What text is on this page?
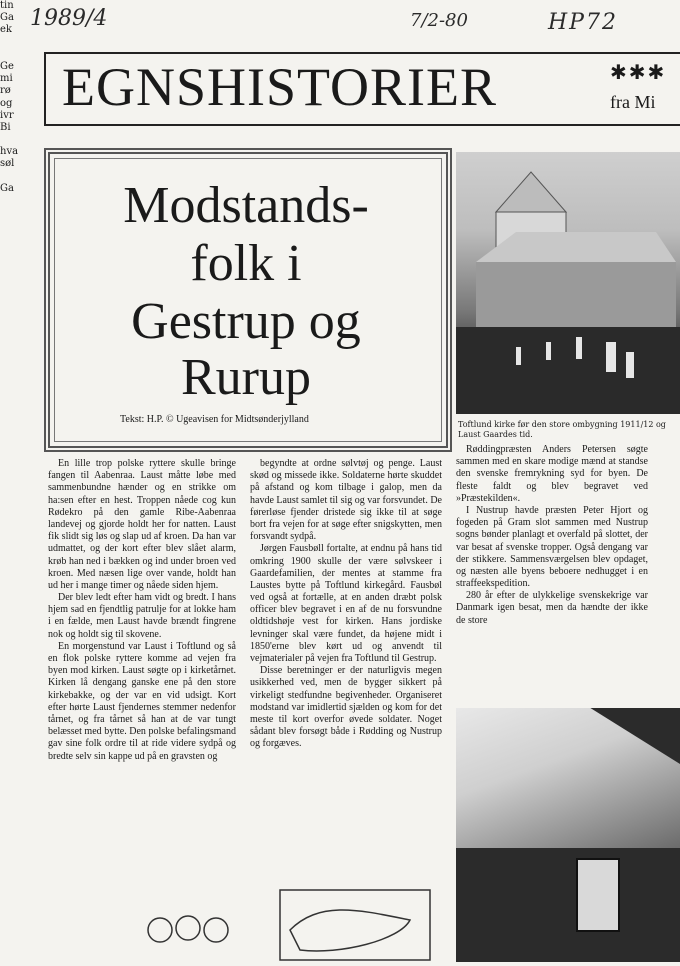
1989/4	7/2-80	HP72
EGNSHISTORIER	✱✱✱
fra Mi
Modstands-
folk i
Gestrup og
Rurup
Tekst: H.P. © Ugeavisen for Midtsønderjylland	Toftlund kirke før den store ombygning 1911/12 og Laust Gaardes tid.

En lille trop polske ryttere skulle bringe fangen til Aabenraa. Laust måtte løbe med sammenbundne hænder og en strikke om ha:sen efter en hest. Troppen nåede cog kun Rødekro på den gamle Ribe-Aabenraa landevej og gjorde holdt her for natten. Laust fik slidt sig løs og slap ud af kroen. Da han var udmattet, og der kort efter blev slået alarm, krøb han ned i bækken og ind under broen ved kroen. Med næsen lige over vande, holdt han ud her i mange timer og nåede siden hjem.

Der blev ledt efter ham vidt og bredt. I hans hjem sad en fjendtlig patrulje for at lokke ham i en fælde, men Laust havde brændt fingrene nok og holdt sig til skovene.

En morgenstund var Laust i Toftlund og så en flok polske ryttere komme ad vejen fra byen mod kirken. Laust søgte op i kirketårnet. Kirken lå dengang ganske ene på den store kirkebakke, og der var en vid udsigt. Kort efter hørte Laust fjendernes stemmer nedenfor tårnet, og fra tårnet så han at de var tungt belæsset med bytte. Den polske befalingsmand gav sine folk ordre til at ride videre sydpå og bredte selv sin kappe ud på en gravsten og

begyndte at ordne sølvtøj og penge. Laust skød og missede ikke. Soldaterne hørte skuddet på afstand og kom tilbage i galop, men da havde Laust samlet til sig og var forsvundet. De førerløse fjender dristede sig ikke til at søge bort fra vejen for at søge efter snigskytten, men forsvandt sydpå.

Jørgen Fausbøll fortalte, at endnu på hans tid omkring 1900 skulle der være sølvskeer i Gaardefamilien, der mentes at stamme fra Laustes bytte på Toftlund kirkegård. Fausbøl ved også at fortælle, at en anden dræbt polsk officer blev begravet i en af de nu forsvundne oldtidshøje vest for kirken. Hans jordiske levninger skal være fundet, da højene midt i 1850'erne blev kørt ud og anvendt til vejmaterialer på vejen fra Toftlund til Gestrup.

Disse beretninger er der naturligvis megen usikkerhed ved, men de bygger sikkert på virkeligt stedfundne begivenheder. Organiseret modstand var imidlertid sjælden og kom for det meste til kort overfor øvede soldater. Noget sådant blev forsøgt både i Rødding og Nustrup og forgæves.

Røddingpræsten Anders Petersen søgte sammen med en skare modige mænd at standse den svenske fremrykning syd for byen. De fleste faldt og blev begravet ved »Præstekilden«.

I Nustrup havde præsten Peter Hjort og fogeden på Gram slot sammen med Nustrup sogns bønder planlagt et overfald på slottet, der var besat af svenske tropper. Også dengang var der stikkere. Sammensværgelsen blev opdaget, og næsten alle byens beboere nedhugget i en straffeekspedition.

280 år efter de ulykkelige svenskekrige var Danmark igen besat, men da hændte der ikke de store

tin
Ga
ek

Ge
mi
rø
og
ivr
Bi

hva
søl

Ga
